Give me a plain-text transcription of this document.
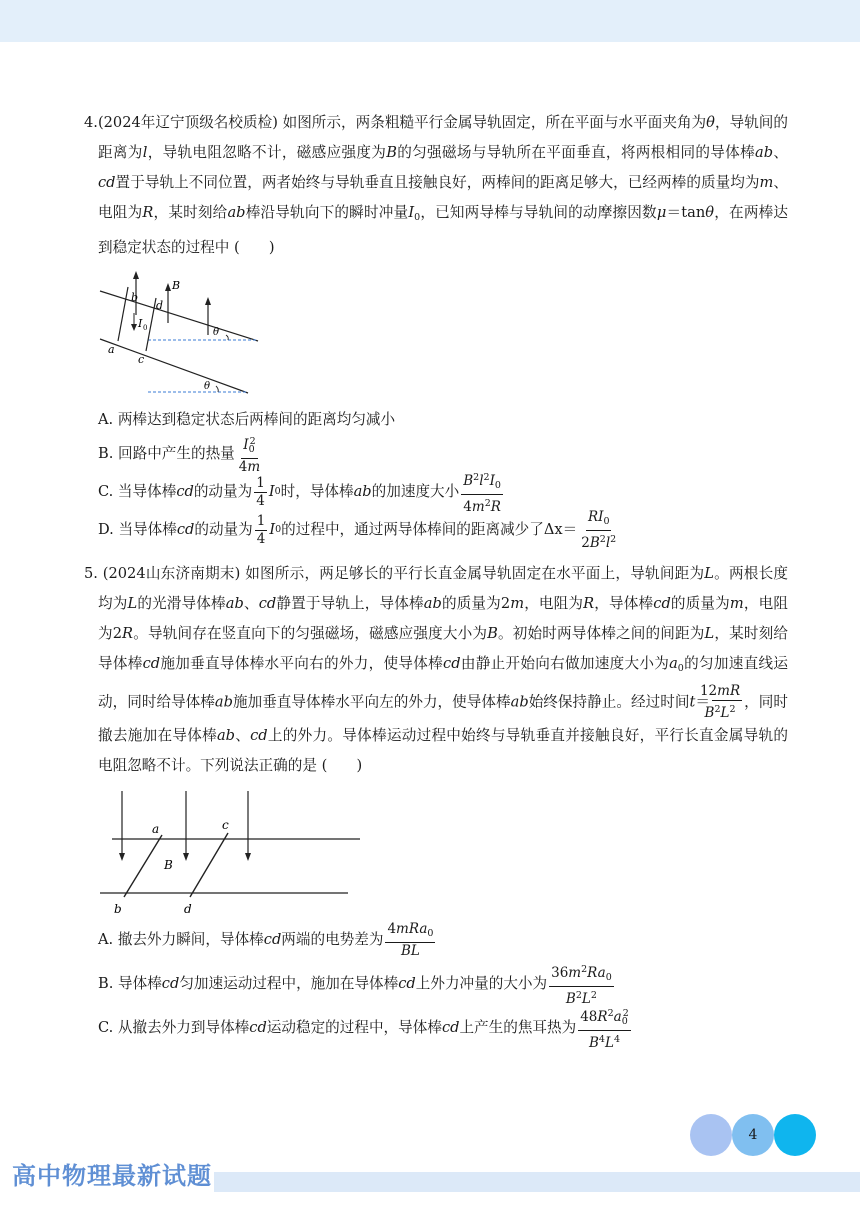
4.(2024年辽宁顶级名校质检) 如图所示，两条粗糙平行金属导轨固定，所在平面与水平面夹角为θ，导轨间的距离为l，导轨电阻忽略不计，磁感应强度为B的匀强磁场与导轨所在平面垂直，将两根相同的导体棒ab、cd置于导轨上不同位置，两者始终与导轨垂直且接触良好，两棒间的距离足够大，已经两棒的质量均为m、电阻为R，某时刻给ab棒沿导轨向下的瞬时冲量$I_0$，已知两导棒与导轨间的动摩擦因数μ＝tanθ，在两棒达到稳定状态的过程中 (　　)

b
d
B
I 0
a
c
θ
θ

A. 两棒达到稳定状态后两棒间的距离均匀减小

B. 回路中产生的热量 $\frac{I_0^2}{4m}$
C. 当导体棒 cd 的动量为 $\frac{1}{4}$ I 0 时，导体棒 ab 的加速度大小 $\frac{B^2l^2I_0}{4m^2R}$
D. 当导体棒 cd 的动量为 $\frac{1}{4}$ I 0 的过程中，通过两导体棒间的距离减少了 $\Delta x = \frac{RI_0}{2B^2l^2}$

5. (2024山东济南期末) 如图所示，两足够长的平行长直金属导轨固定在水平面上，导轨间距为L。两根长度均为L的光滑导体棒ab、cd静置于导轨上，导体棒ab的质量为2m，电阻为R，导体棒cd的质量为m，电阻为2R。导轨间存在竖直向下的匀强磁场，磁感应强度大小为B。初始时两导体棒之间的间距为L，某时刻给导体棒cd施加垂直导体棒水平向右的外力，使导体棒cd由静止开始向右做加速度大小为$a_0$的匀加速直线运动，同时给导体棒ab施加垂直导体棒水平向左的外力，使导体棒ab始终保持静止。经过时间$t= \frac{12mR}{B^2L^2}$ ，同时撤去施加在导体棒ab、cd上的外力。导体棒运动过程中始终与导轨垂直并接触良好，平行长直金属导轨的电阻忽略不计。下列说法正确的是 (　　)

a	c
B
b	d
A. 撤去外力瞬间，导体棒 cd 两端的电势差为 $\frac{4mRa_0}{BL}$
B. 导体棒 cd 匀加速运动过程中，施加在导体棒 cd 上外力冲量的大小为 $\frac{36m^2Ra_0}{B^2L^2}$
C. 从撤去外力到导体棒 cd 运动稳定的过程中，导体棒 cd 上产生的焦耳热为 $\frac{48R^2a_0^2}{B^4L^4}$
4
高中物理最新试题
